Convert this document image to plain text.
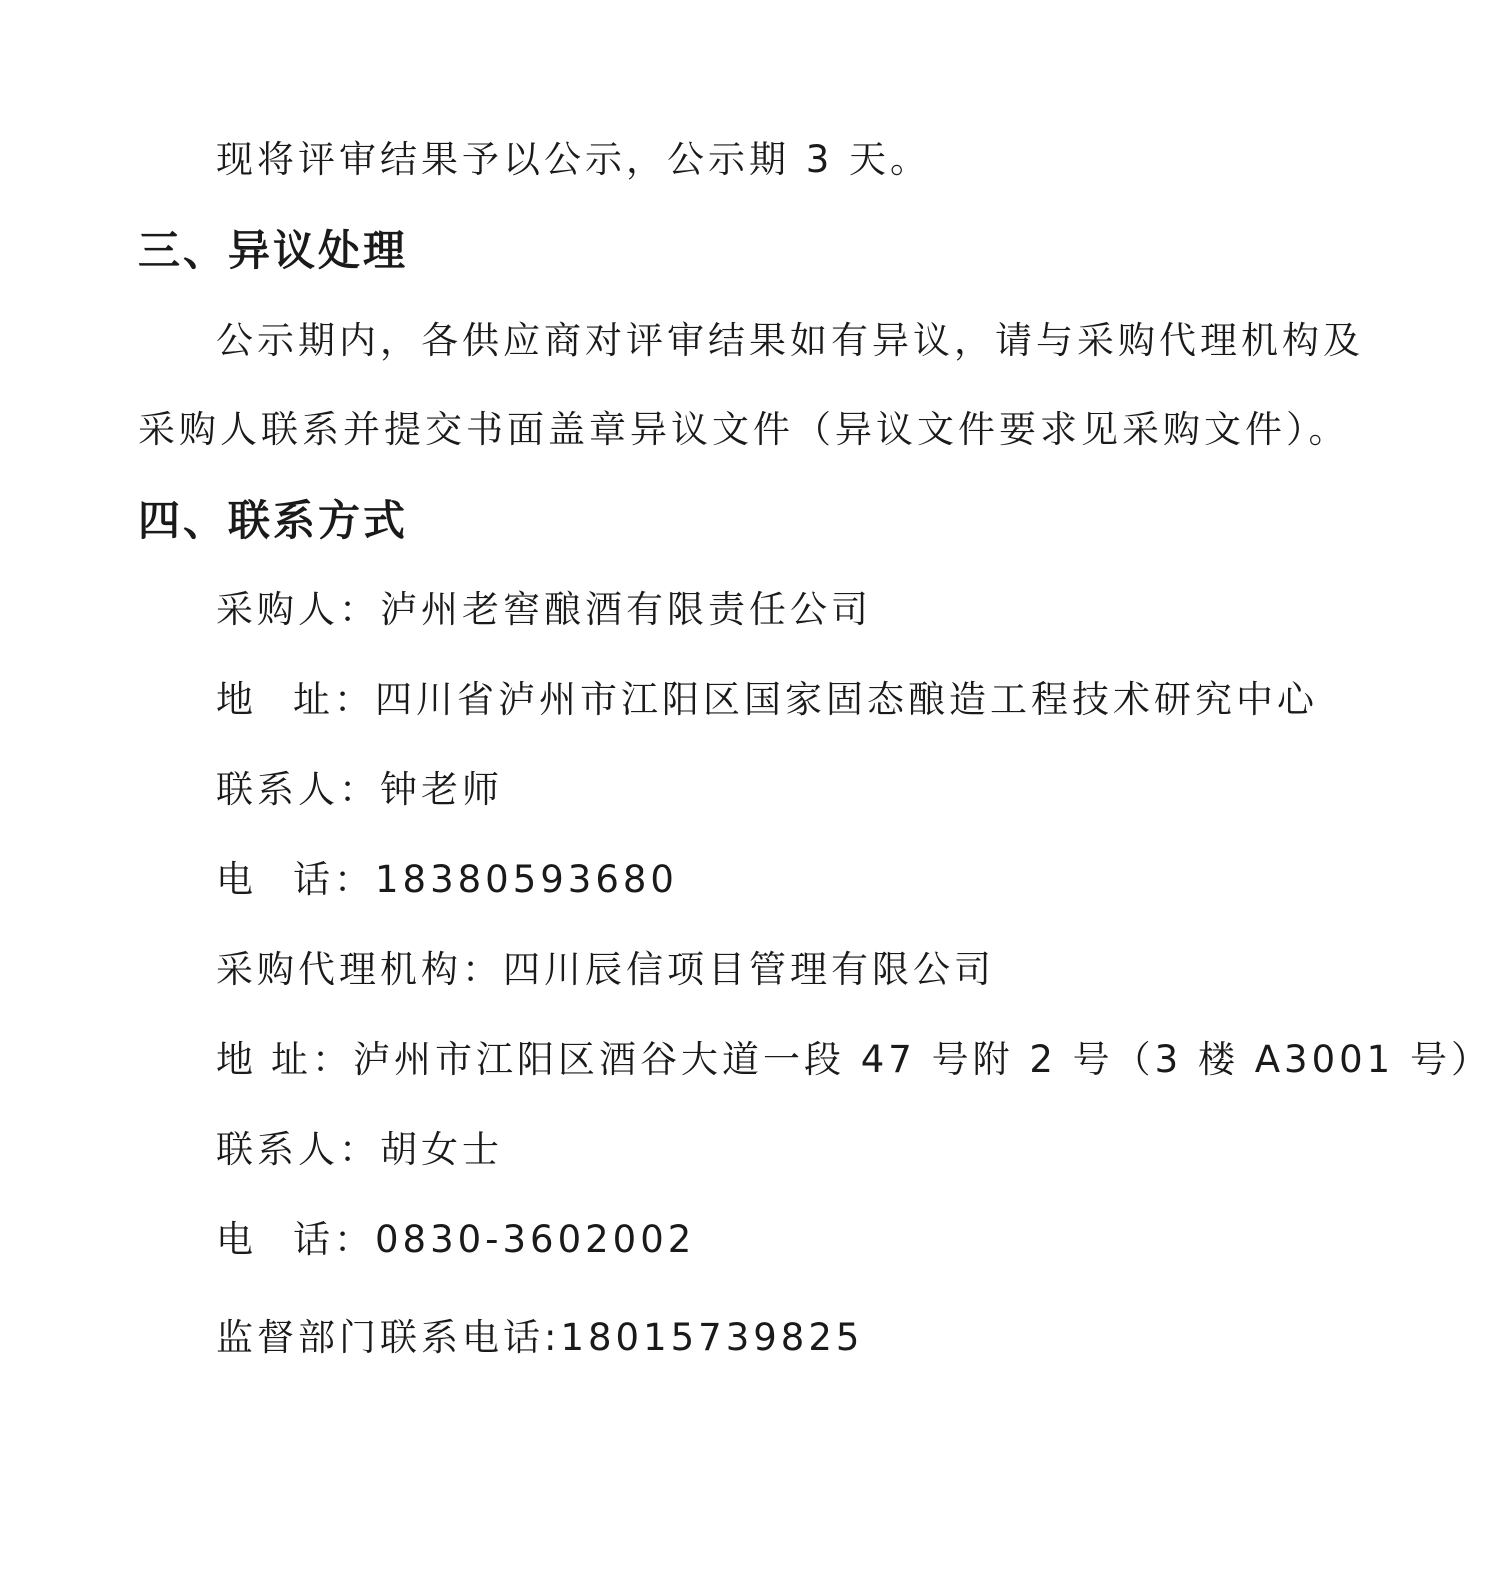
现将评审结果予以公示，公示期 3 天。
三、异议处理
公示期内，各供应商对评审结果如有异议，请与采购代理机构及
采购人联系并提交书面盖章异议文件（异议文件要求见采购文件）。
四、联系方式
采购人：泸州老窖酿酒有限责任公司
地 址：四川省泸州市江阳区国家固态酿造工程技术研究中心
联系人：钟老师
电 话：18380593680
采购代理机构：四川辰信项目管理有限公司
地 址：泸州市江阳区酒谷大道一段 47 号附 2 号（3 楼 A3001 号）
联系人：胡女士
电 话：0830-3602002
监督部门联系电话:18015739825
